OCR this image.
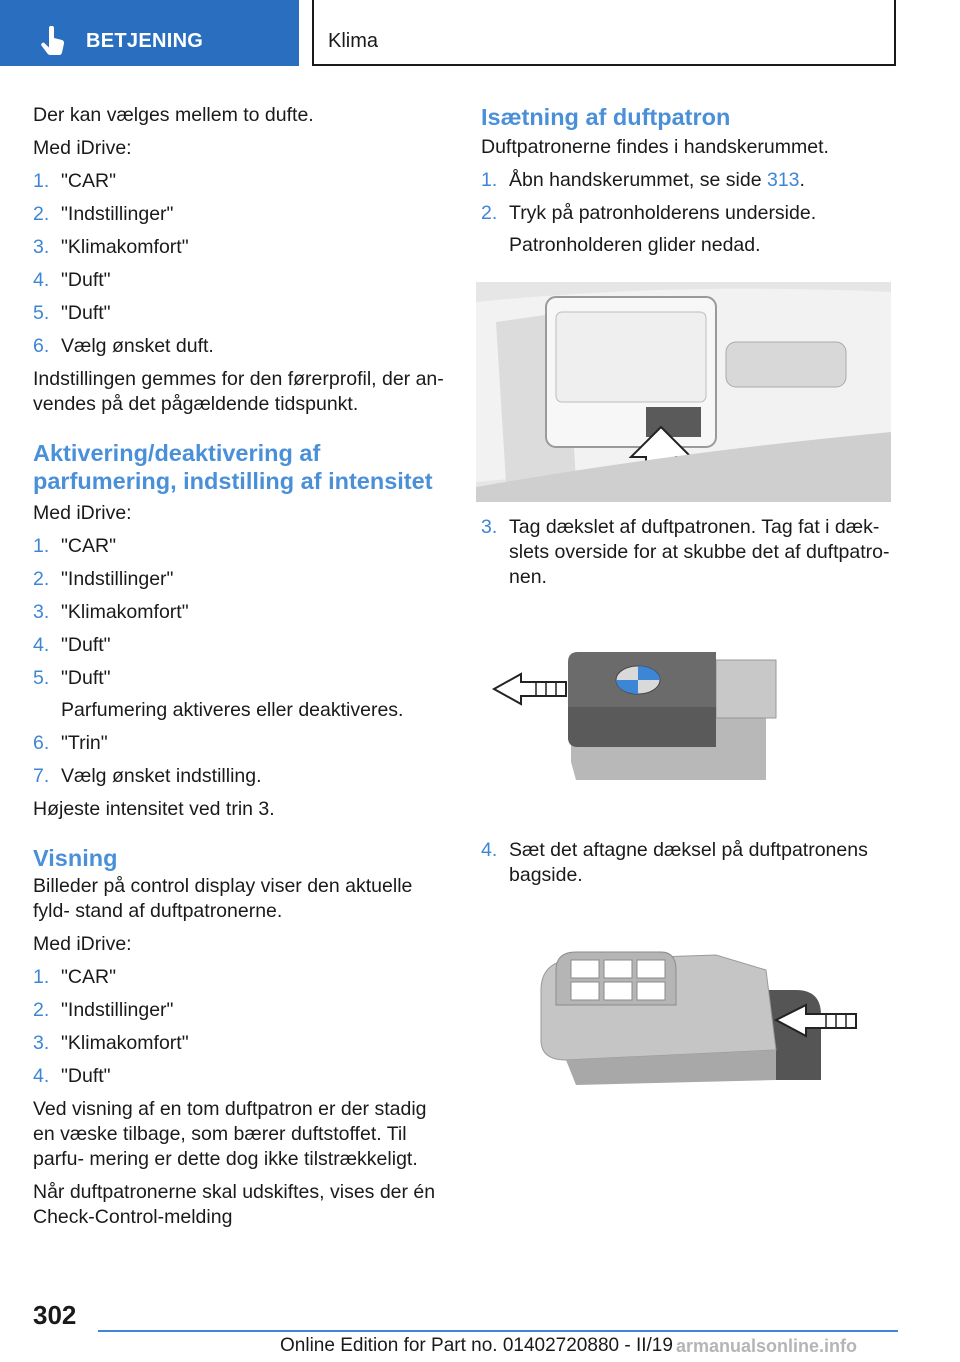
BETJENING	Klima

Der kan vælges mellem to dufte.

Med iDrive:

1. "CAR"
2. "Indstillinger"
3. "Klimakomfort"
4. "Duft"
5. "Duft"
6. Vælg ønsket duft.

Indstillingen gemmes for den førerprofil, der an- vendes på det pågældende tidspunkt.

Aktivering/deaktivering af parfumering, indstilling af intensitet

Med iDrive:

1. "CAR"
2. "Indstillinger"
3. "Klimakomfort"
4. "Duft"
5. "Duft"
Parfumering aktiveres eller deaktiveres.
6. "Trin"
7. Vælg ønsket indstilling.

Højeste intensitet ved trin 3.

Visning

Billeder på control display viser den aktuelle fyld- stand af duftpatronerne.

Med iDrive:

1. "CAR"
2. "Indstillinger"
3. "Klimakomfort"
4. "Duft"

Ved visning af en tom duftpatron er der stadig en væske tilbage, som bærer duftstoffet. Til parfu- mering er dette dog ikke tilstrækkeligt.

Når duftpatronerne skal udskiftes, vises der én Check-Control-melding

Isætning af duftpatron

Duftpatronerne findes i handskerummet.

1. Åbn handskerummet, se side 313.
2. Tryk på patronholderens underside.
Patronholderen glider nedad.
3. Tag dækslet af duftpatronen. Tag fat i dæk- slets overside for at skubbe det af duftpatro- nen.
4. Sæt det aftagne dæksel på duftpatronens bagside.
302
Online Edition for Part no. 01402720880 - II/19 armanualsonline.info
